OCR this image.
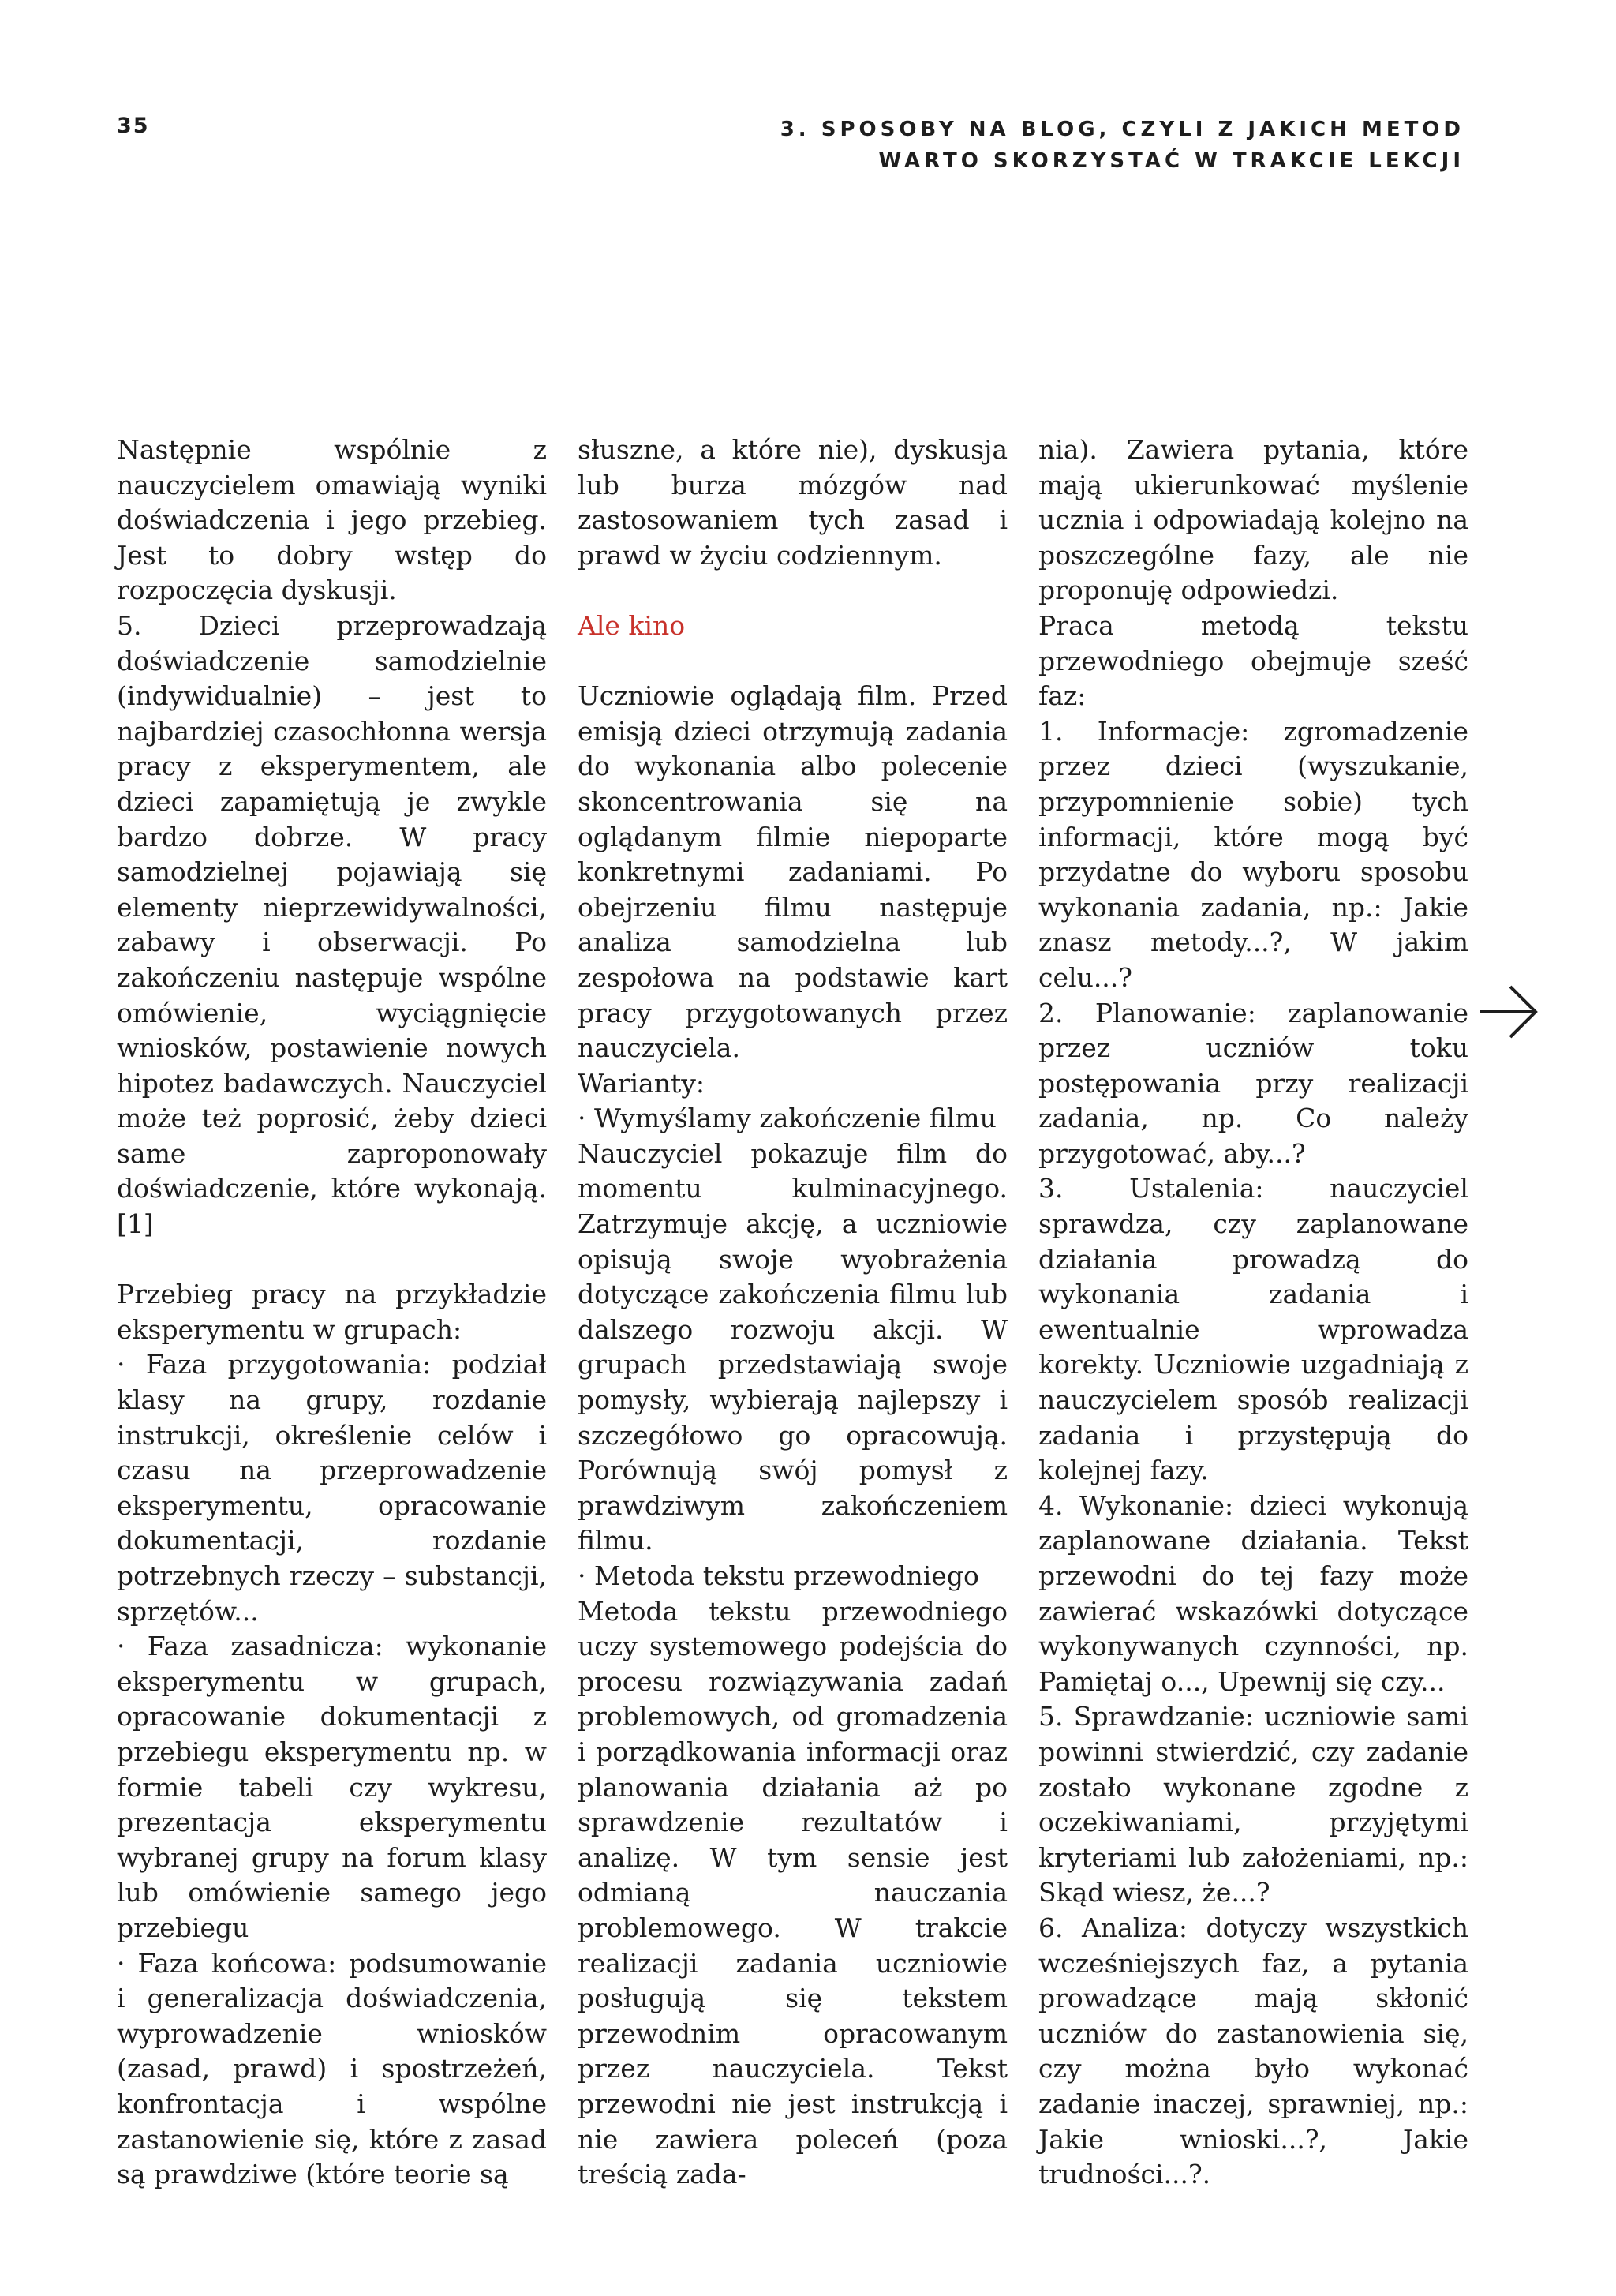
35	3. SPOSOBY NA BLOG, CZYLI Z JAKICH METOD
WARTO SKORZYSTAĆ W TRAKCIE LEKCJI

Następnie wspólnie z nauczycielem omawiają wyniki doświadczenia i jego przebieg. Jest to dobry wstęp do rozpoczęcia dyskusji.

5. Dzieci przeprowadzają doświadczenie samodzielnie (indywidualnie) – jest to najbardziej czasochłonna wersja pracy z eksperymentem, ale dzieci zapamiętują je zwykle bardzo dobrze. W pracy samodzielnej pojawiają się elementy nieprzewidywalności, zabawy i obserwacji. Po zakończeniu następuje wspólne omówienie, wyciągnięcie wniosków, postawienie nowych hipotez badawczych. Nauczyciel może też poprosić, żeby dzieci same zaproponowały doświadczenie, które wykonają. [1]

Przebieg pracy na przykładzie eksperymentu w grupach:

· Faza przygotowania: podział klasy na grupy, rozdanie instrukcji, określenie celów i czasu na przeprowadzenie eksperymentu, opracowanie dokumentacji, rozdanie potrzebnych rzeczy – substancji, sprzętów...

· Faza zasadnicza: wykonanie eksperymentu w grupach, opracowanie dokumentacji z przebiegu eksperymentu np. w formie tabeli czy wykresu, prezentacja eksperymentu wybranej grupy na forum klasy lub omówienie samego jego przebiegu

· Faza końcowa: podsumowanie i generalizacja doświadczenia, wyprowadzenie wniosków (zasad, prawd) i spostrzeżeń, konfrontacja i wspólne zastanowienie się, które z zasad są prawdziwe (które teorie są

słuszne, a które nie), dyskusja lub burza mózgów nad zastosowaniem tych zasad i prawd w życiu codziennym.

Ale kino

Uczniowie oglądają film. Przed emisją dzieci otrzymują zadania do wykonania albo polecenie skoncentrowania się na oglądanym filmie niepoparte konkretnymi zadaniami. Po obejrzeniu filmu następuje analiza samodzielna lub zespołowa na podstawie kart pracy przygotowanych przez nauczyciela.

Warianty:

· Wymyślamy zakończenie filmu

Nauczyciel pokazuje film do momentu kulminacyjnego. Zatrzymuje akcję, a uczniowie opisują swoje wyobrażenia dotyczące zakończenia filmu lub dalszego rozwoju akcji. W grupach przedstawiają swoje pomysły, wybierają najlepszy i szczegółowo go opracowują. Porównują swój pomysł z prawdziwym zakończeniem filmu.

· Metoda tekstu przewodniego

Metoda tekstu przewodniego uczy systemowego podejścia do procesu rozwiązywania zadań problemowych, od gromadzenia i porządkowania informacji oraz planowania działania aż po sprawdzenie rezultatów i analizę. W tym sensie jest odmianą nauczania problemowego. W trakcie realizacji zadania uczniowie posługują się tekstem przewodnim opracowanym przez nauczyciela. Tekst przewodni nie jest instrukcją i nie zawiera poleceń (poza treścią zada-

nia). Zawiera pytania, które mają ukierunkować myślenie ucznia i odpowiadają kolejno na poszczególne fazy, ale nie proponuję odpowiedzi.

Praca metodą tekstu przewodniego obejmuje sześć faz:

1. Informacje: zgromadzenie przez dzieci (wyszukanie, przypomnienie sobie) tych informacji, które mogą być przydatne do wyboru sposobu wykonania zadania, np.: Jakie znasz metody...?, W jakim celu...?

2. Planowanie: zaplanowanie przez uczniów toku postępowania przy realizacji zadania, np. Co należy przygotować, aby...?

3. Ustalenia: nauczyciel sprawdza, czy zaplanowane działania prowadzą do wykonania zadania i ewentualnie wprowadza korekty. Uczniowie uzgadniają z nauczycielem sposób realizacji zadania i przystępują do kolejnej fazy.

4. Wykonanie: dzieci wykonują zaplanowane działania. Tekst przewodni do tej fazy może zawierać wskazówki dotyczące wykonywanych czynności, np. Pamiętaj o..., Upewnij się czy...

5. Sprawdzanie: uczniowie sami powinni stwierdzić, czy zadanie zostało wykonane zgodne z oczekiwaniami, przyjętymi kryteriami lub założeniami, np.: Skąd wiesz, że...?

6. Analiza: dotyczy wszystkich wcześniejszych faz, a pytania prowadzące mają skłonić uczniów do zastanowienia się, czy można było wykonać zadanie inaczej, sprawniej, np.: Jakie wnioski...?, Jakie trudności...?.
